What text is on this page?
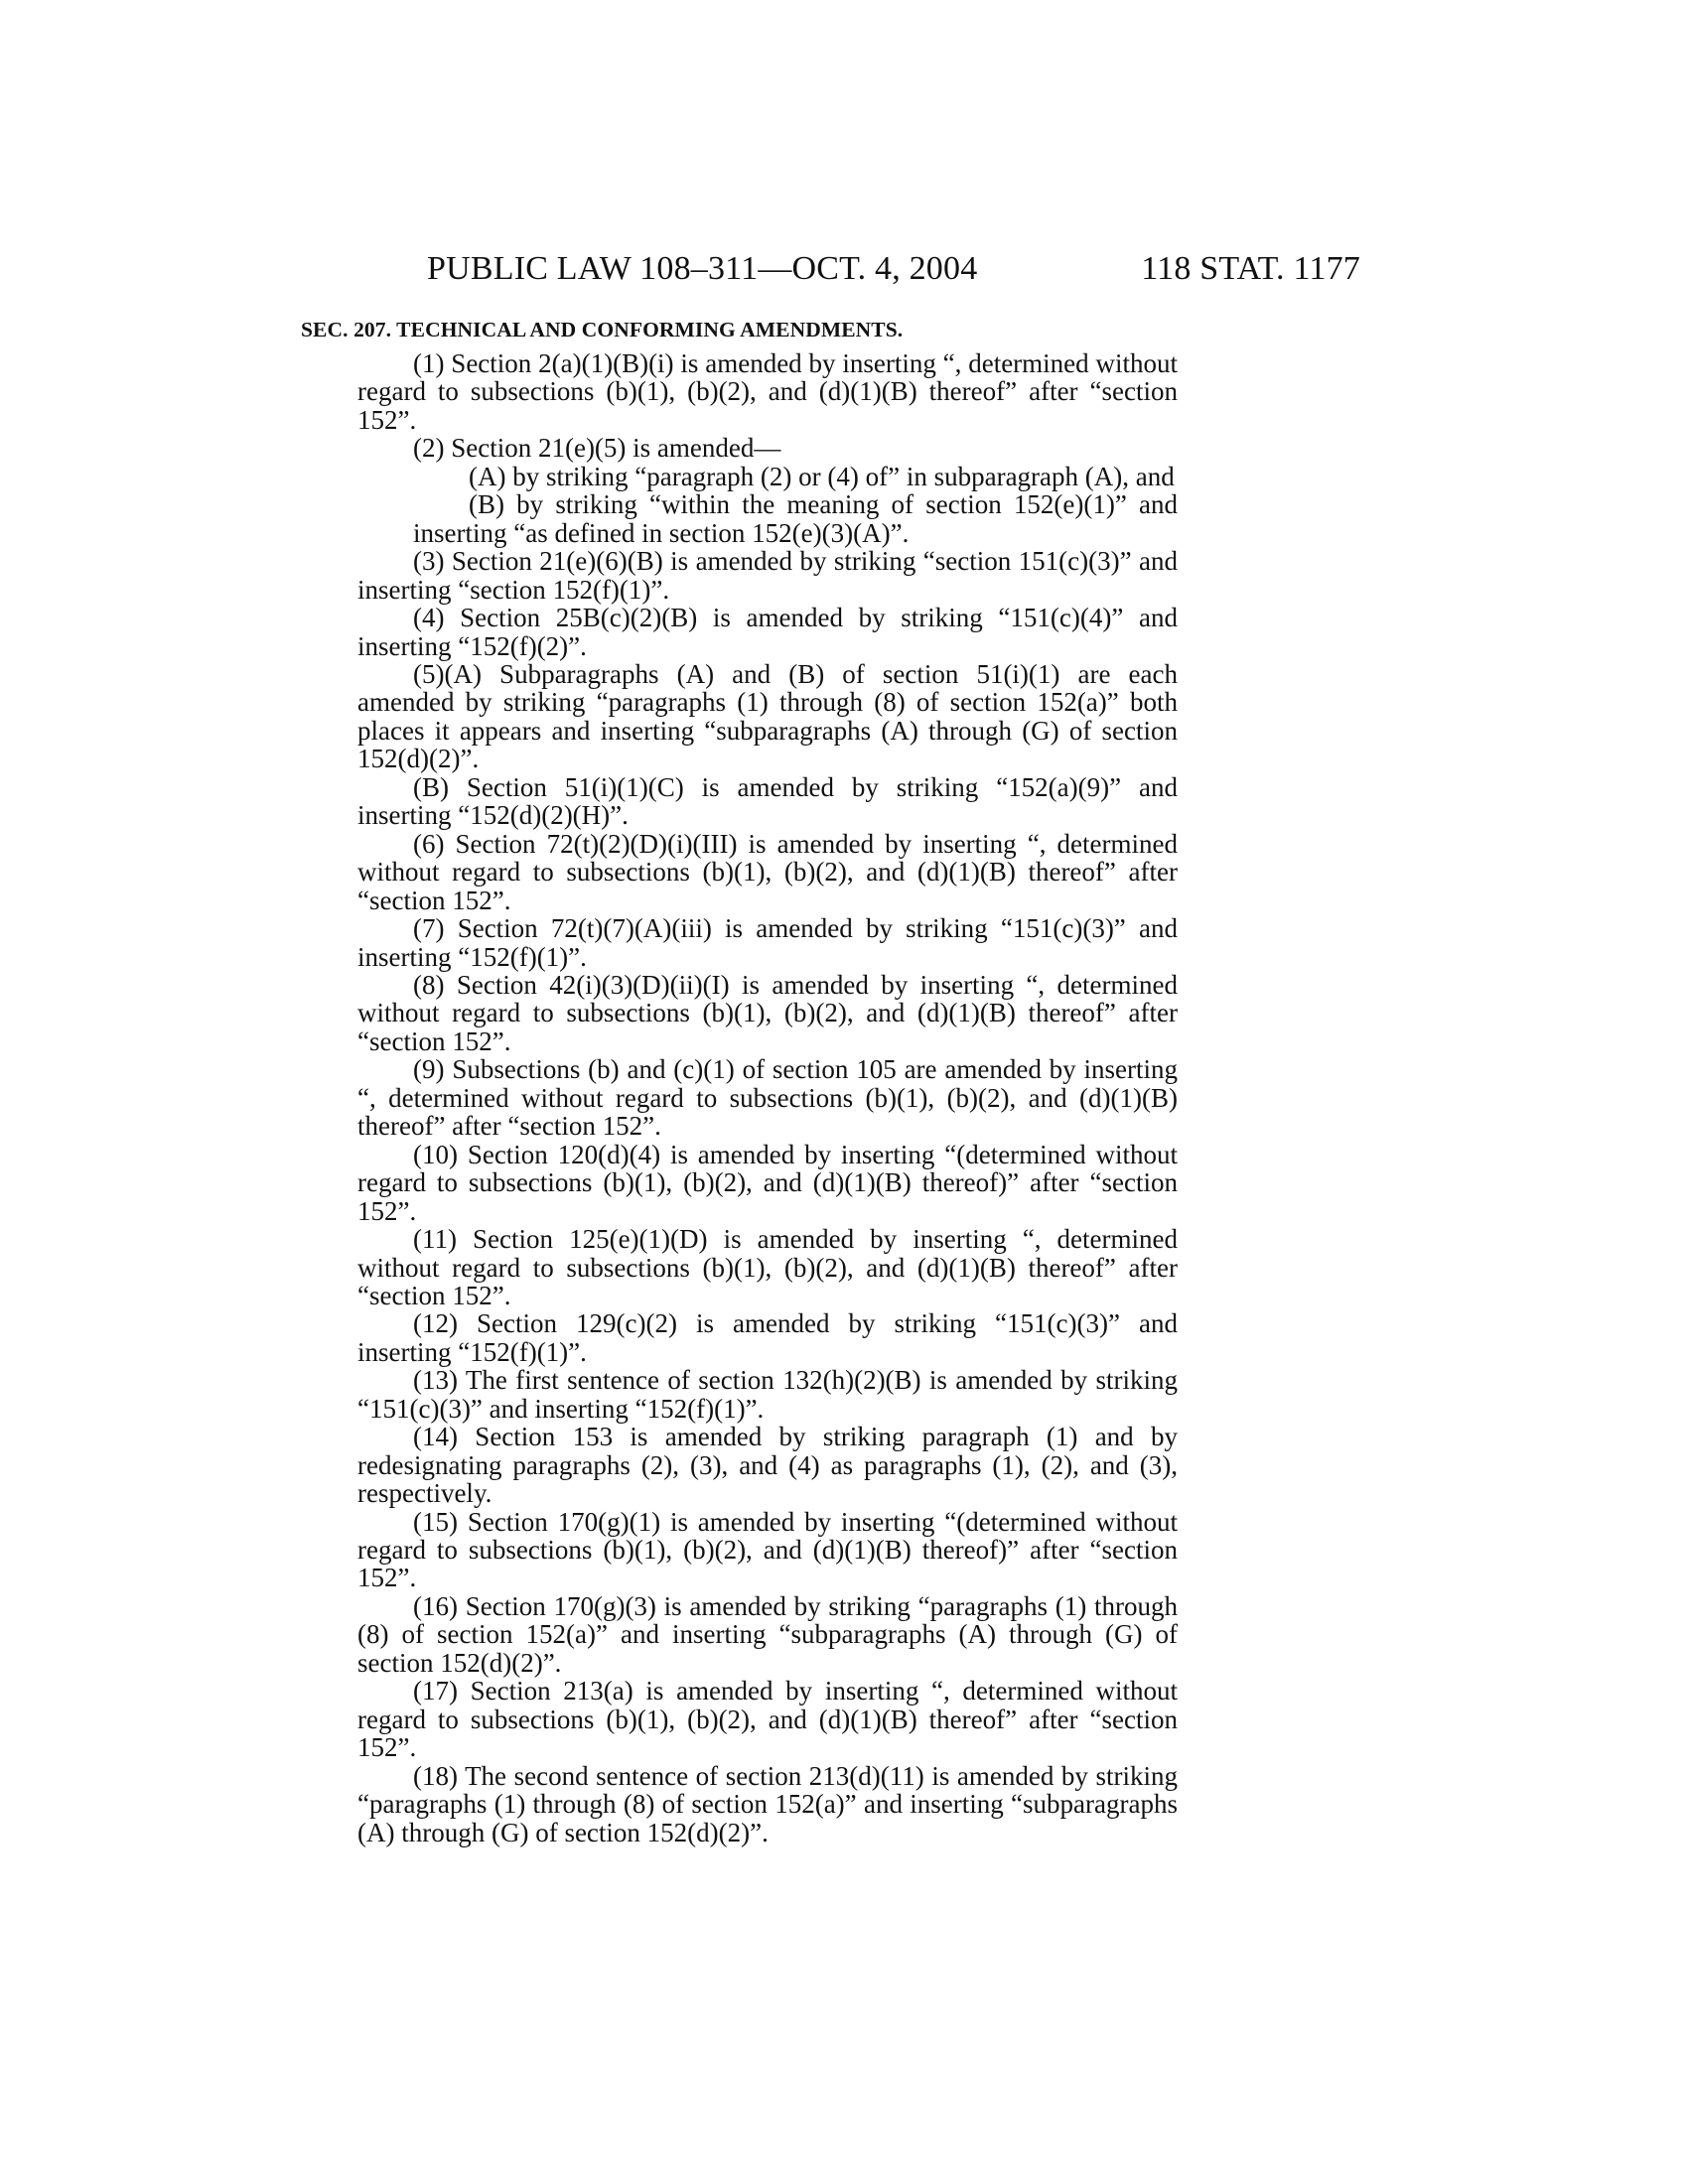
PUBLIC LAW 108–311—OCT. 4, 2004	118 STAT. 1177
SEC. 207. TECHNICAL AND CONFORMING AMENDMENTS.

(1) Section 2(a)(1)(B)(i) is amended by inserting “, determined without regard to subsections (b)(1), (b)(2), and (d)(1)(B) thereof” after “section 152”.

(2) Section 21(e)(5) is amended—

(A) by striking “paragraph (2) or (4) of” in subparagraph (A), and

(B) by striking “within the meaning of section 152(e)(1)” and inserting “as defined in section 152(e)(3)(A)”.

(3) Section 21(e)(6)(B) is amended by striking “section 151(c)(3)” and inserting “section 152(f)(1)”.

(4) Section 25B(c)(2)(B) is amended by striking “151(c)(4)” and inserting “152(f)(2)”.

(5)(A) Subparagraphs (A) and (B) of section 51(i)(1) are each amended by striking “paragraphs (1) through (8) of section 152(a)” both places it appears and inserting “subparagraphs (A) through (G) of section 152(d)(2)”.

(B) Section 51(i)(1)(C) is amended by striking “152(a)(9)” and inserting “152(d)(2)(H)”.

(6) Section 72(t)(2)(D)(i)(III) is amended by inserting “, determined without regard to subsections (b)(1), (b)(2), and (d)(1)(B) thereof” after “section 152”.

(7) Section 72(t)(7)(A)(iii) is amended by striking “151(c)(3)” and inserting “152(f)(1)”.

(8) Section 42(i)(3)(D)(ii)(I) is amended by inserting “, determined without regard to subsections (b)(1), (b)(2), and (d)(1)(B) thereof” after “section 152”.

(9) Subsections (b) and (c)(1) of section 105 are amended by inserting “, determined without regard to subsections (b)(1), (b)(2), and (d)(1)(B) thereof” after “section 152”.

(10) Section 120(d)(4) is amended by inserting “(determined without regard to subsections (b)(1), (b)(2), and (d)(1)(B) thereof)” after “section 152”.

(11) Section 125(e)(1)(D) is amended by inserting “, determined without regard to subsections (b)(1), (b)(2), and (d)(1)(B) thereof” after “section 152”.

(12) Section 129(c)(2) is amended by striking “151(c)(3)” and inserting “152(f)(1)”.

(13) The first sentence of section 132(h)(2)(B) is amended by striking “151(c)(3)” and inserting “152(f)(1)”.

(14) Section 153 is amended by striking paragraph (1) and by redesignating paragraphs (2), (3), and (4) as paragraphs (1), (2), and (3), respectively.

(15) Section 170(g)(1) is amended by inserting “(determined without regard to subsections (b)(1), (b)(2), and (d)(1)(B) thereof)” after “section 152”.

(16) Section 170(g)(3) is amended by striking “paragraphs (1) through (8) of section 152(a)” and inserting “subparagraphs (A) through (G) of section 152(d)(2)”.

(17) Section 213(a) is amended by inserting “, determined without regard to subsections (b)(1), (b)(2), and (d)(1)(B) thereof” after “section 152”.

(18) The second sentence of section 213(d)(11) is amended by striking “paragraphs (1) through (8) of section 152(a)” and inserting “subparagraphs (A) through (G) of section 152(d)(2)”.
